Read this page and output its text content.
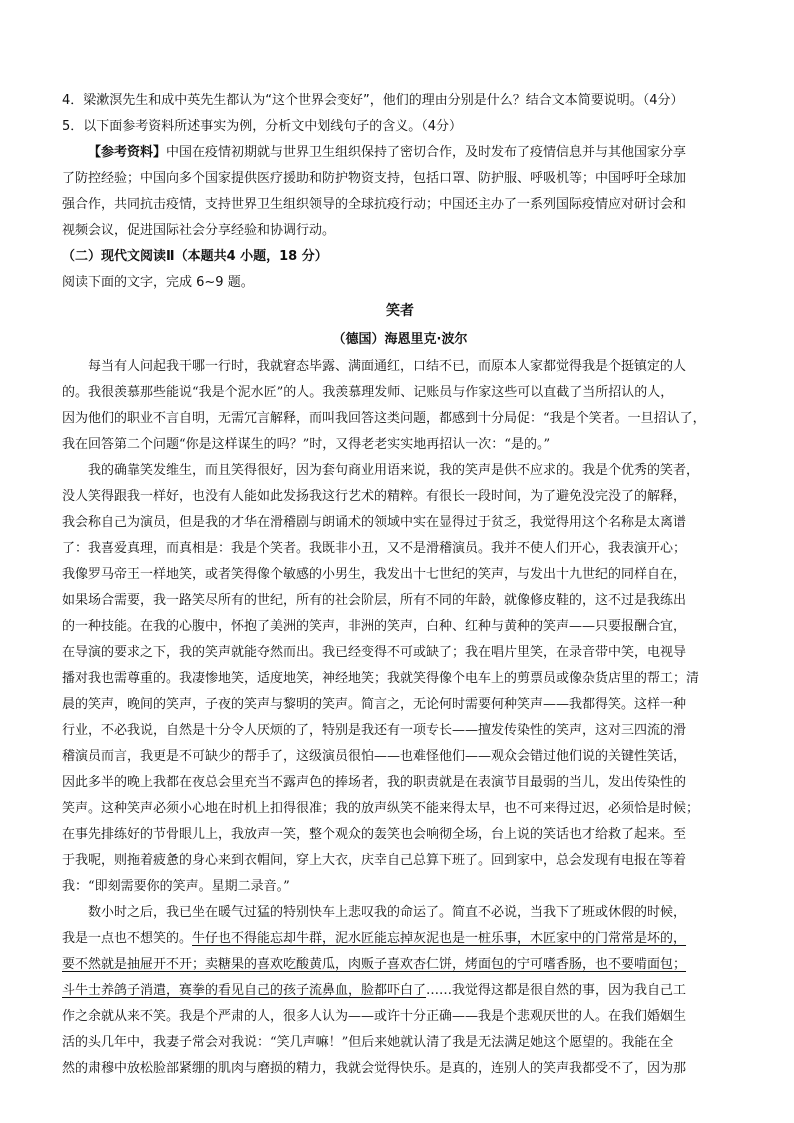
4．梁漱溟先生和成中英先生都认为“这个世界会变好”，他们的理由分别是什么？结合文本简要说明。（4分）
5．以下面参考资料所述事实为例，分析文中划线句子的含义。（4分）
【参考资料】中国在疫情初期就与世界卫生组织保持了密切合作，及时发布了疫情信息并与其他国家分享
了防控经验；中国向多个国家提供医疗援助和防护物资支持，包括口罩、防护服、呼吸机等；中国呼吁全球加
强合作，共同抗击疫情，支持世界卫生组织领导的全球抗疫行动；中国还主办了一系列国际疫情应对研讨会和
视频会议，促进国际社会分享经验和协调行动。
（二）现代文阅读Ⅱ（本题共4 小题，18 分）
阅读下面的文字，完成 6~9 题。
笑者
（德国）海恩里克·波尔
每当有人问起我干哪一行时，我就窘态毕露、满面通红，口结不已，而原本人家都觉得我是个挺镇定的人
的。我很羡慕那些能说“我是个泥水匠”的人。我羡慕理发师、记账员与作家这些可以直截了当所招认的人，
因为他们的职业不言自明，无需冗言解释，而叫我回答这类问题，都感到十分局促：“我是个笑者。一旦招认了，
我在回答第二个问题“你是这样谋生的吗？”时，又得老老实实地再招认一次：“是的。”
我的确靠笑发维生，而且笑得很好，因为套句商业用语来说，我的笑声是供不应求的。我是个优秀的笑者，
没人笑得跟我一样好，也没有人能如此发扬我这行艺术的精粹。有很长一段时间，为了避免没完没了的解释，
我会称自己为演员，但是我的才华在滑稽剧与朗诵术的领域中实在显得过于贫乏，我觉得用这个名称是太离谱
了：我喜爱真理，而真相是：我是个笑者。我既非小丑，又不是滑稽演员。我并不使人们开心，我表演开心；
我像罗马帝王一样地笑，或者笑得像个敏感的小男生，我发出十七世纪的笑声，与发出十九世纪的同样自在，
如果场合需要，我一路笑尽所有的世纪，所有的社会阶层，所有不同的年龄，就像修皮鞋的，这不过是我练出
的一种技能。在我的心腹中，怀抱了美洲的笑声，非洲的笑声，白种、红种与黄种的笑声——只要报酬合宜，
在导演的要求之下，我的笑声就能夺然而出。我已经变得不可或缺了；我在唱片里笑，在录音带中笑，电视导
播对我也需尊重的。我凄惨地笑，适度地笑，神经地笑；我就笑得像个电车上的剪票员或像杂货店里的帮工；清
晨的笑声，晚间的笑声，子夜的笑声与黎明的笑声。简言之，无论何时需要何种笑声——我都得笑。这样一种
行业，不必我说，自然是十分令人厌烦的了，特别是我还有一项专长——擅发传染性的笑声，这对三四流的滑
稽演员而言，我更是不可缺少的帮手了，这级演员很怕——也难怪他们——观众会错过他们说的关键性笑话，
因此多半的晚上我都在夜总会里充当不露声色的捧场者，我的职责就是在表演节目最弱的当儿，发出传染性的
笑声。这种笑声必须小心地在时机上扣得很准；我的放声纵笑不能来得太早，也不可来得过迟，必须恰是时候；
在事先排练好的节骨眼儿上，我放声一笑，整个观众的轰笑也会响彻全场，台上说的笑话也才给救了起来。至
于我呢，则拖着疲惫的身心来到衣帽间，穿上大衣，庆幸自己总算下班了。回到家中，总会发现有电报在等着
我：“即刻需要你的笑声。星期二录音。”
数小时之后，我已坐在暖气过猛的特别快车上悲叹我的命运了。简直不必说，当我下了班或休假的时候，
我是一点也不想笑的。牛仔也不得能忘却牛群，泥水匠能忘掉灰泥也是一桩乐事，木匠家中的门常常是坏的，
要不然就是抽屉开不开；卖糖果的喜欢吃酸黄瓜，肉贩子喜欢杏仁饼，烤面包的宁可嗜香肠，也不要啃面包；
斗牛士养鸽子消遣，赛拳的看见自己的孩子流鼻血，脸都吓白了……我觉得这都是很自然的事，因为我自己工
作之余就从来不笑。我是个严肃的人，很多人认为——或许十分正确——我是个悲观厌世的人。在我们婚姻生
活的头几年中，我妻子常会对我说：“笑几声嘛！”但后来她就认清了我是无法满足她这个愿望的。我能在全
然的肃穆中放松脸部紧绷的肌肉与磨损的精力，我就会觉得快乐。是真的，连别人的笑声我都受不了，因为那
